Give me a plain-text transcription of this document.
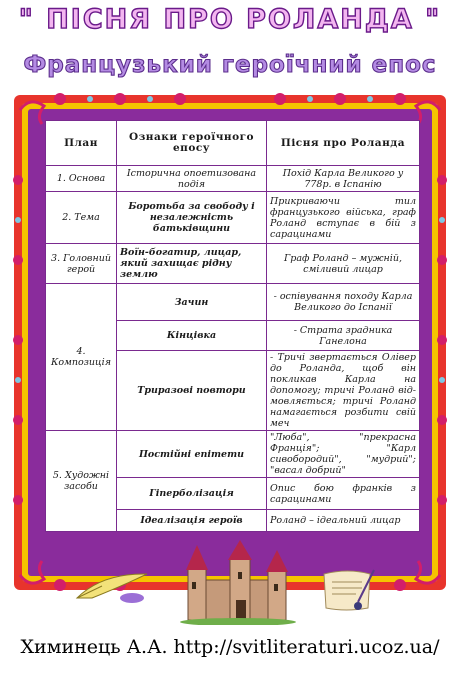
" ПІСНЯ ПРО РОЛАНДА "
Французький героїчний епос
План	Ознаки героїчного епосу	Пісня про Роланда
1. Основа	Історична опоетизована подія	Похід Карла Великого у 778р. в Іспанію
2. Тема	Боротьба за свободу і незалежність батьківщини	Прикриваючи тил французького війська, граф Роланд вступає в бій з сарацинами
3. Головний герой	Воїн-богатир, лицар, який захищає рідну землю	Граф Роланд – мужній, сміливий лицар
4. Композиція	Зачин	- оспівування походу Карла Великого до Іспанії
	Кінцівка	- Страта зрадника Ганелона
	Триразові повтори	- Тричі звертається Олівер до Роланда, щоб він покликав Карла на допомогу; тричі Роланд від- мовляється; тричі Роланд намагається розбити свій меч
5. Художні засоби	Постійні епітети	"Люба", "прекрасна Франція"; "Карл сивобородий", "мудрий"; "васал добрий"
	Гіперболізація	Опис бою франків з сарацинами
	Ідеалізація героїв	Роланд – ідеальний лицар
Химинець А.А. http://svitliteraturi.ucoz.ua/
